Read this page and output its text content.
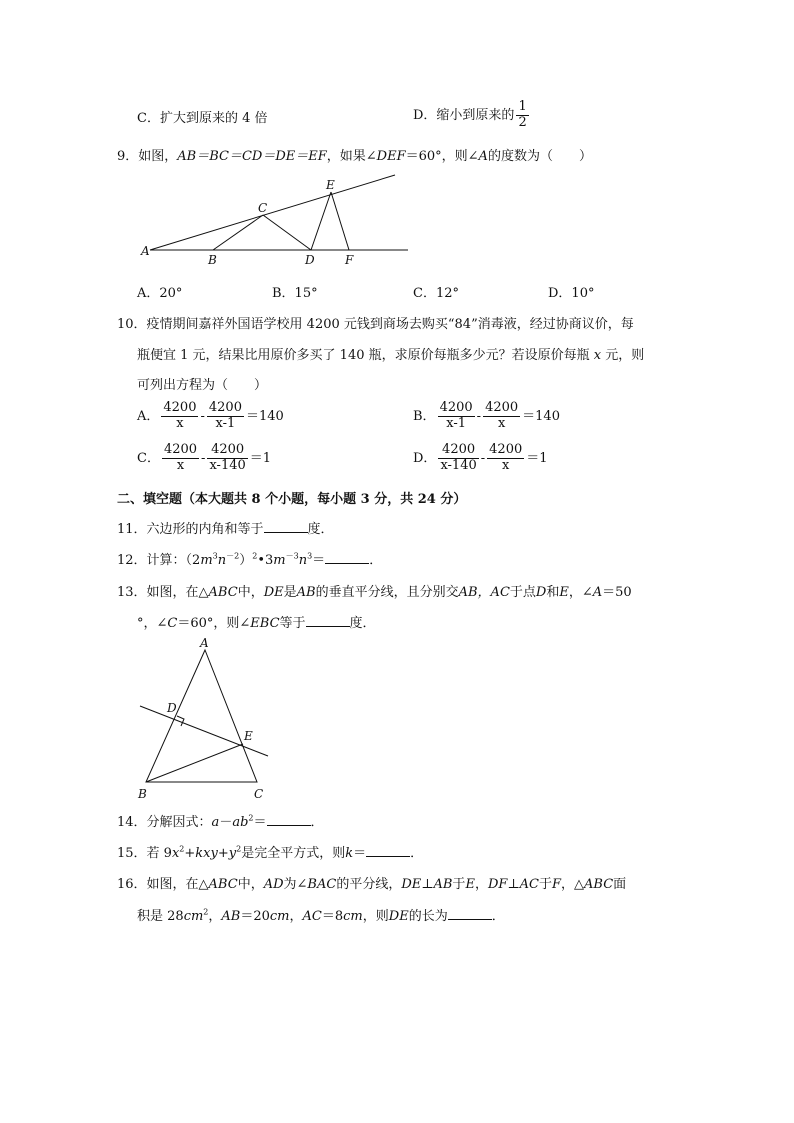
C．扩大到原来的 4 倍	D．缩小到原来的 $\frac{1}{2}$
9．如图，AB＝BC＝CD＝DE＝EF，如果∠DEF＝60°，则∠A的度数为（　　）
A
B
C
D
E
F
A．20°	B．15°	C．12°	D．10°
10．疫情期间嘉祥外国语学校用 4200 元钱到商场去购买“84”消毒液，经过协商议价，每
瓶便宜 1 元，结果比用原价多买了 140 瓶，求原价每瓶多少元？若设原价每瓶 x 元，则
可列出方程为（　　）
A． $\frac{4200}{x} - \frac{4200}{x-1} =140$	B． $\frac{4200}{x-1} - \frac{4200}{x} =140$
C． $\frac{4200}{x} - \frac{4200}{x-140} =1$	D． $\frac{4200}{x-140} - \frac{4200}{x} =1$
二、填空题（本大题共 8 个小题，每小题 3 分，共 24 分）
11．六边形的内角和等于	度．
12．计算：$(2m^3n^{-2})^2•3m^{-3}n^3=$	．
13．如图，在△ABC中，DE是AB的垂直平分线，且分别交AB，AC于点D和E，∠A＝50
°，∠C＝60°，则∠EBC等于	度．
A
B	C
D
E
14．分解因式：$a-ab^2=$	．
15．若 $9x^2+kxy+y^2$是完全平方式，则k＝	．
16．如图，在△ABC中，AD为∠BAC的平分线，DE⊥AB于E，DF⊥AC于F，△ABC面
积是 $28cm^2$，AB＝20cm，AC＝8cm，则DE的长为	．
